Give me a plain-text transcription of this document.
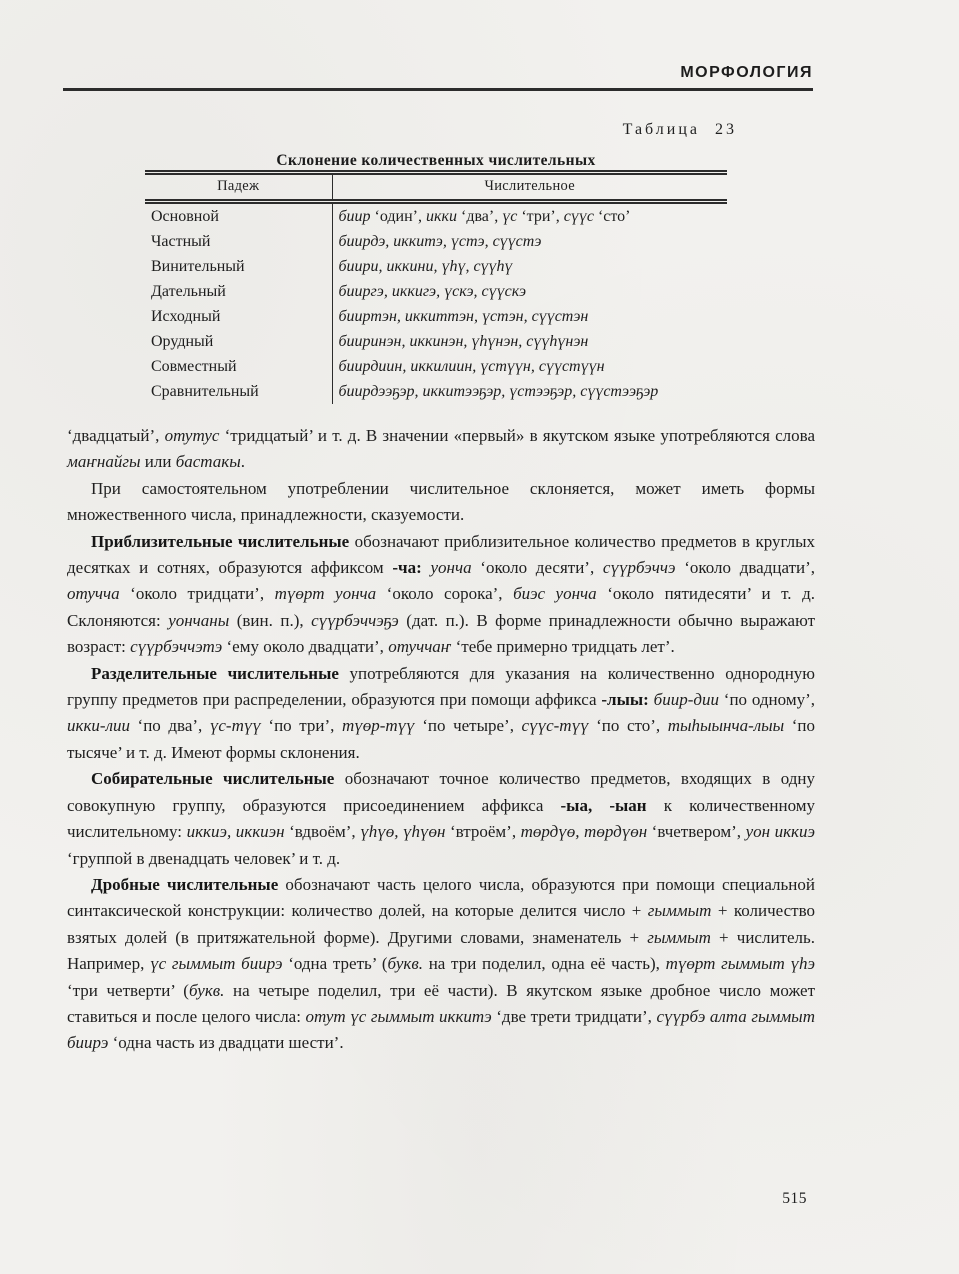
МОРФОЛОГИЯ
Таблица 23
Склонение количественных числительных
Падеж	Числительное
Основной	биир ‘один’, икки ‘два’, үс ‘три’, сүүс ‘сто’
Частный	биирдэ, иккитэ, үстэ, сүүстэ
Винительный	биири, иккини, үһү, сүүһү
Дательный	бииргэ, иккигэ, үскэ, сүүскэ
Исходный	бииртэн, иккиттэн, үстэн, сүүстэн
Орудный	бииринэн, иккинэн, үһүнэн, сүүһүнэн
Совместный	биирдиин, иккилиин, үстүүн, сүүстүүн
Сравнительный	биирдээҕэр, иккитээҕэр, үстээҕэр, сүүстээҕэр

‘двадцатый’, отутус ‘тридцатый’ и т. д. В значении «первый» в якутском языке употребляются слова маҥнайгы или бастакы.

При самостоятельном употреблении числительное склоняется, может иметь формы множественного числа, принадлежности, сказуемости.

Приблизительные числительные обозначают приблизительное количество предметов в круглых десятках и сотнях, образуются аффиксом -ча: уонча ‘около десяти’, сүүрбэччэ ‘около двадцати’, отучча ‘около тридцати’, түөрт уонча ‘около сорока’, биэс уонча ‘около пятидесяти’ и т. д. Склоняются: уончаны (вин. п.), сүүрбэччэҕэ (дат. п.). В форме принадлежности обычно выражают возраст: сүүрбэччэтэ ‘ему около двадцати’, отуччаҥ ‘тебе примерно тридцать лет’.

Разделительные числительные употребляются для указания на количественно однородную группу предметов при распределении, образуются при помощи аффикса -лыы: биир-дии ‘по одному’, икки-лии ‘по два’, үс-түү ‘по три’, түөр-түү ‘по четыре’, сүүс-түү ‘по сто’, тыһыынча-лыы ‘по тысяче’ и т. д. Имеют формы склонения.

Собирательные числительные обозначают точное количество предметов, входящих в одну совокупную группу, образуются присоединением аффикса -ыа, -ыан к количественному числительному: иккиэ, иккиэн ‘вдвоём’, үһүө, үһүөн ‘втроём’, төрдүө, төрдүөн ‘вчетвером’, уон иккиэ ‘группой в двенадцать человек’ и т. д.

Дробные числительные обозначают часть целого числа, образуются при помощи специальной синтаксической конструкции: количество долей, на которые делится число + гыммыт + количество взятых долей (в притяжательной форме). Другими словами, знаменатель + гыммыт + числитель. Например, үс гыммыт биирэ ‘одна треть’ (букв. на три поделил, одна её часть), түөрт гыммыт үһэ ‘три четверти’ (букв. на четыре поделил, три её части). В якутском языке дробное число может ставиться и после целого числа: отут үс гыммыт иккитэ ‘две трети тридцати’, сүүрбэ алта гыммыт биирэ ‘одна часть из двадцати шести’.

515
